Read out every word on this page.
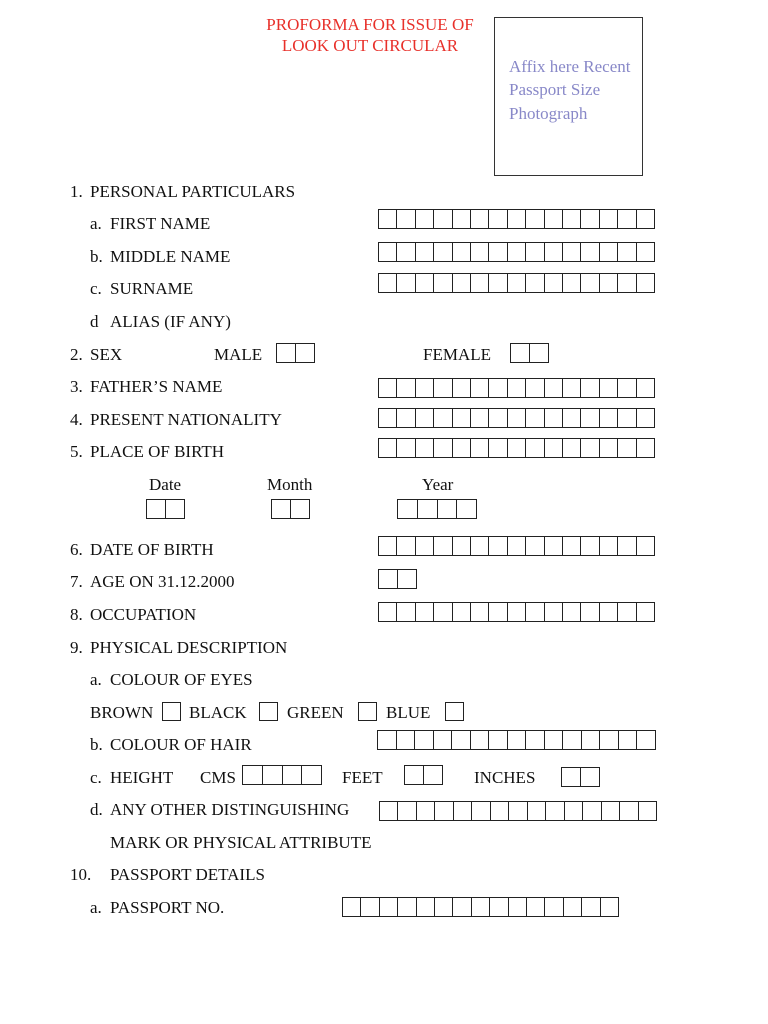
PROFORMA FOR ISSUE OF
LOOK OUT CIRCULAR
Affix here Recent
Passport Size
Photograph
1. PERSONAL PARTICULARS
a. FIRST NAME
b. MIDDLE NAME
c. SURNAME
d ALIAS (IF ANY)
2. SEX	MALE	FEMALE
3. FATHER’S NAME
4. PRESENT NATIONALITY
5. PLACE OF BIRTH
Date	Month	Year
6. DATE OF BIRTH
7. AGE ON 31.12.2000
8. OCCUPATION
9. PHYSICAL DESCRIPTION
a. COLOUR OF EYES
BROWN BLACK GREEN BLUE
b. COLOUR OF HAIR
c. HEIGHT CMS	FEET	INCHES
d. ANY OTHER DISTINGUISHING
MARK OR PHYSICAL ATTRIBUTE
10. PASSPORT DETAILS
a. PASSPORT NO.
